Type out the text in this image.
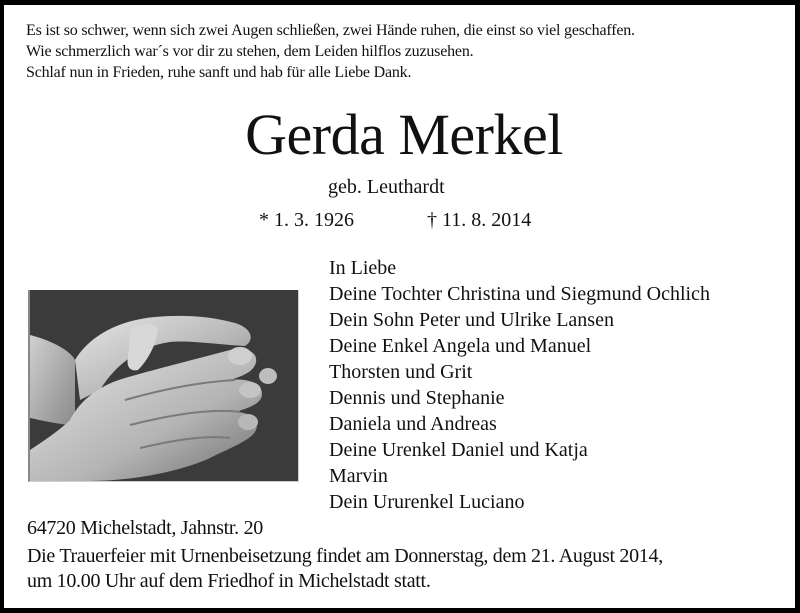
Es ist so schwer, wenn sich zwei Augen schließen, zwei Hände ruhen, die einst so viel geschaffen.
Wie schmerzlich war´s vor dir zu stehen, dem Leiden hilflos zuzusehen.
Schlaf nun in Frieden, ruhe sanft und hab für alle Liebe Dank.
Gerda Merkel
geb. Leuthardt
* 1. 3. 1926	† 11. 8. 2014
In Liebe
Deine Tochter Christina und Siegmund Ochlich
Dein Sohn Peter und Ulrike Lansen
Deine Enkel Angela und Manuel
Thorsten und Grit
Dennis und Stephanie
Daniela und Andreas
Deine Urenkel Daniel und Katja
Marvin
Dein Ururenkel Luciano
64720 Michelstadt, Jahnstr. 20
Die Trauerfeier mit Urnenbeisetzung findet am Donnerstag, dem 21. August 2014,
um 10.00 Uhr auf dem Friedhof in Michelstadt statt.
